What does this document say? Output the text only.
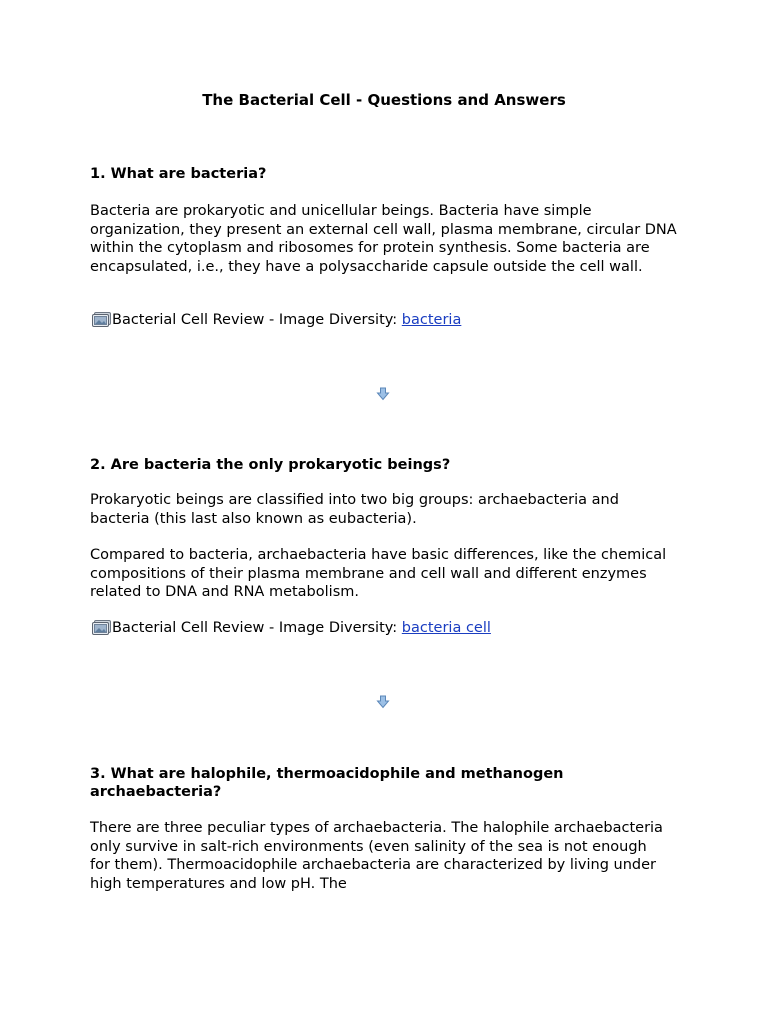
The Bacterial Cell - Questions and Answers

1. What are bacteria?

Bacteria are prokaryotic and unicellular beings. Bacteria have simple organization, they present an external cell wall, plasma membrane, circular DNA within the cytoplasm and ribosomes for protein synthesis. Some bacteria are encapsulated, i.e., they have a polysaccharide capsule outside the cell wall.

Bacterial Cell Review - Image Diversity: bacteria

2. Are bacteria the only prokaryotic beings?

Prokaryotic beings are classified into two big groups: archaebacteria and bacteria (this last also known as eubacteria).

Compared to bacteria, archaebacteria have basic differences, like the chemical compositions of their plasma membrane and cell wall and different enzymes related to DNA and RNA metabolism.

Bacterial Cell Review - Image Diversity: bacteria cell

3. What are halophile, thermoacidophile and methanogen archaebacteria?

There are three peculiar types of archaebacteria. The halophile archaebacteria only survive in salt-rich environments (even salinity of the sea is not enough for them). Thermoacidophile archaebacteria are characterized by living under high temperatures and low pH. The
